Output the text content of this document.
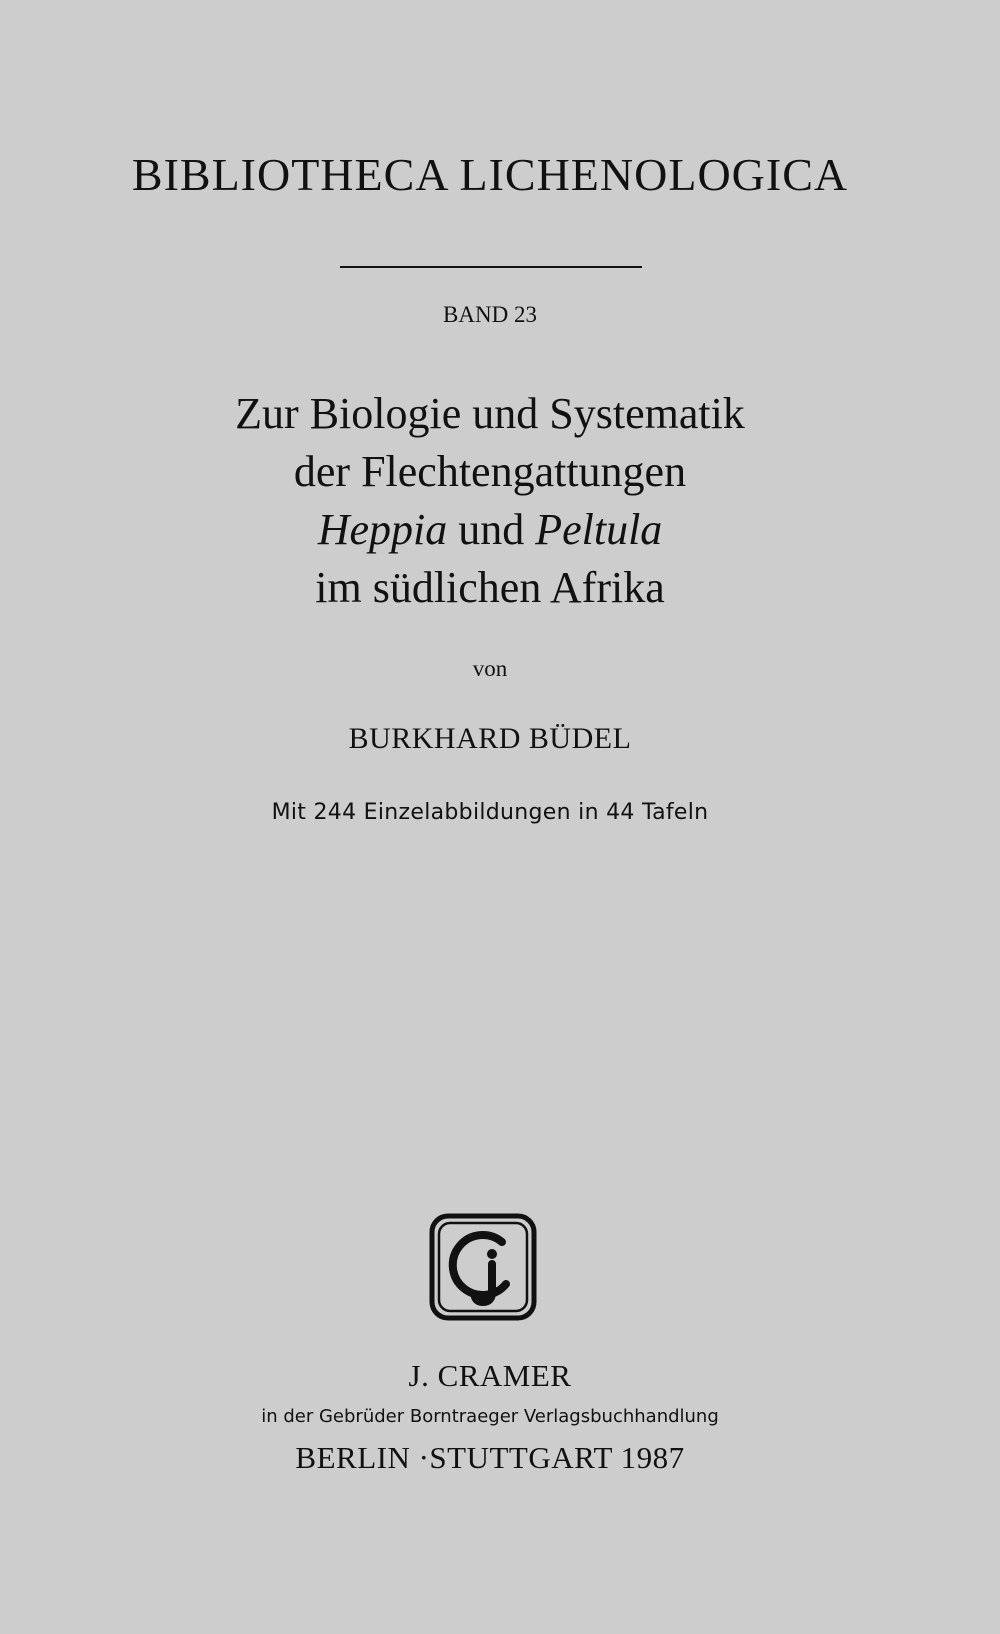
BIBLIOTHECA LICHENOLOGICA
BAND 23
Zur Biologie und Systematik
der Flechtengattungen
Heppia und Peltula
im südlichen Afrika
von
BURKHARD BÜDEL
Mit 244 Einzelabbildungen in 44 Tafeln
J. CRAMER
in der Gebrüder Borntraeger Verlagsbuchhandlung
BERLIN ·STUTTGART 1987
